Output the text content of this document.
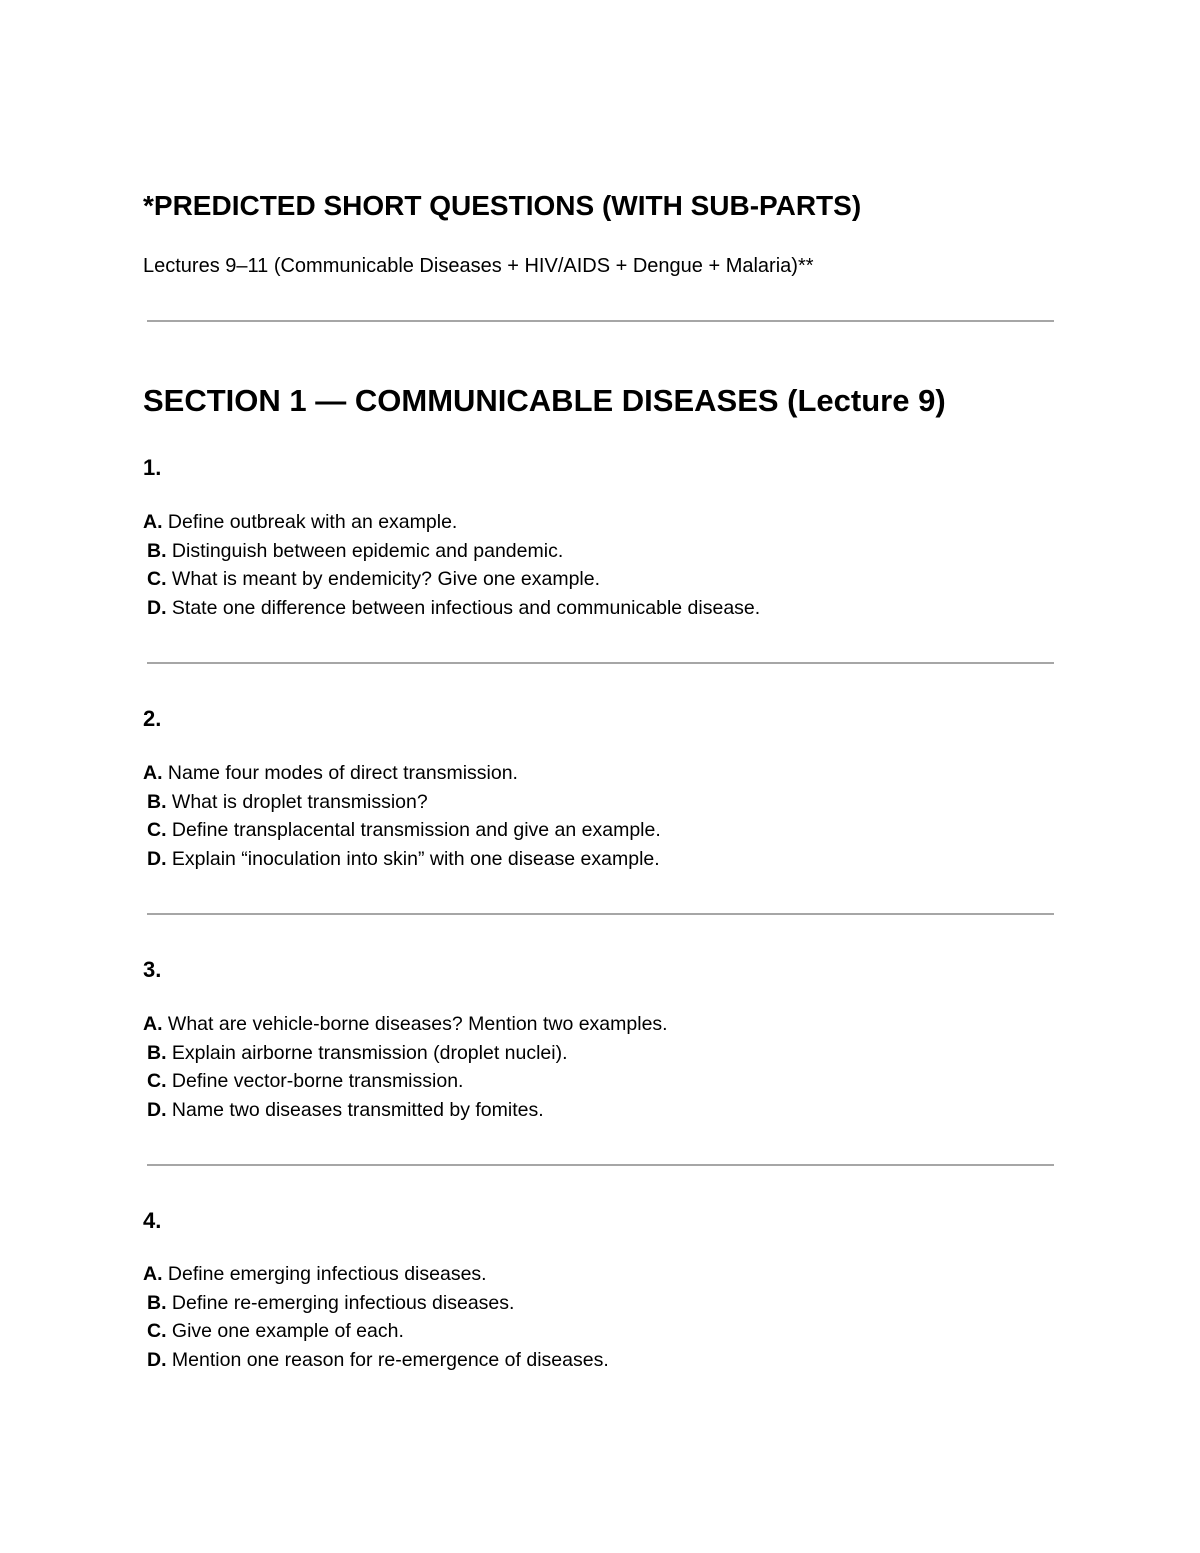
*PREDICTED SHORT QUESTIONS (WITH SUB-PARTS)

Lectures 9–11 (Communicable Diseases + HIV/AIDS + Dengue + Malaria)**

SECTION 1 — COMMUNICABLE DISEASES (Lecture 9)
1.
A. Define outbreak with an example.
B. Distinguish between epidemic and pandemic.
C. What is meant by endemicity? Give one example.
D. State one difference between infectious and communicable disease.
2.
A. Name four modes of direct transmission.
B. What is droplet transmission?
C. Define transplacental transmission and give an example.
D. Explain “inoculation into skin” with one disease example.
3.
A. What are vehicle-borne diseases? Mention two examples.
B. Explain airborne transmission (droplet nuclei).
C. Define vector-borne transmission.
D. Name two diseases transmitted by fomites.
4.
A. Define emerging infectious diseases.
B. Define re-emerging infectious diseases.
C. Give one example of each.
D. Mention one reason for re-emergence of diseases.
